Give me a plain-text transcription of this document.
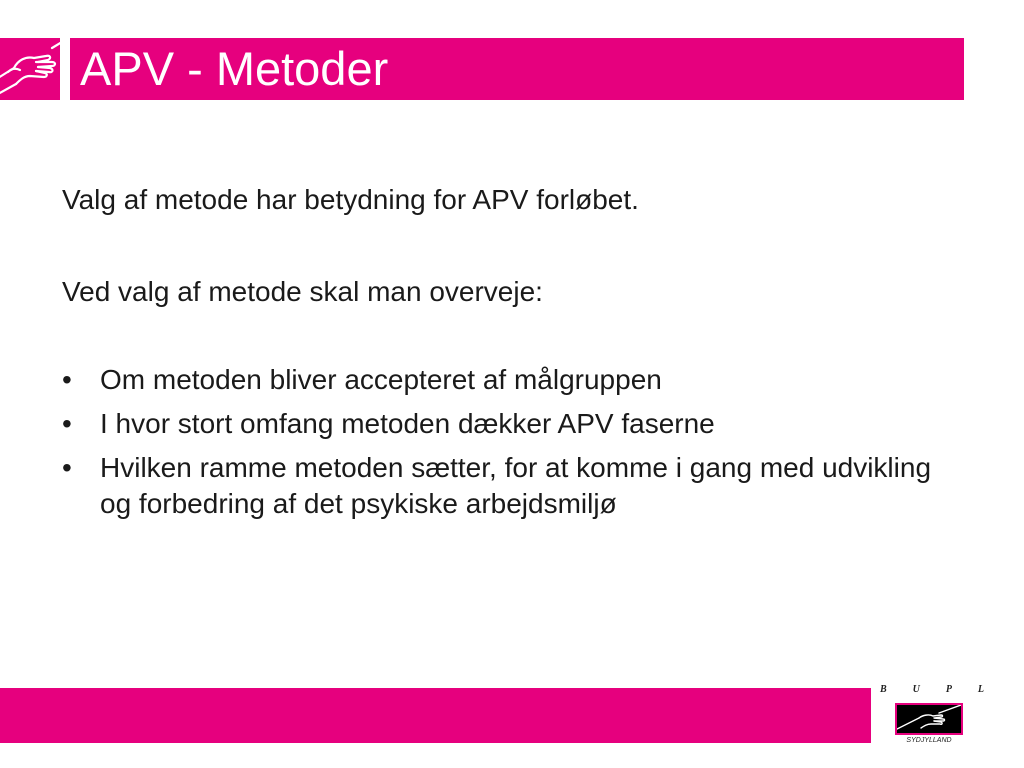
APV - Metoder

Valg af metode har betydning for APV forløbet.

Ved valg af metode skal man overveje:

•	Om metoden bliver accepteret af målgruppen
•	I hvor stort omfang metoden dækker APV faserne
•	Hvilken ramme metoden sætter, for at komme i gang med udvikling og forbedring af det psykiske arbejdsmiljø
B	U	P	L
SYDJYLLAND
